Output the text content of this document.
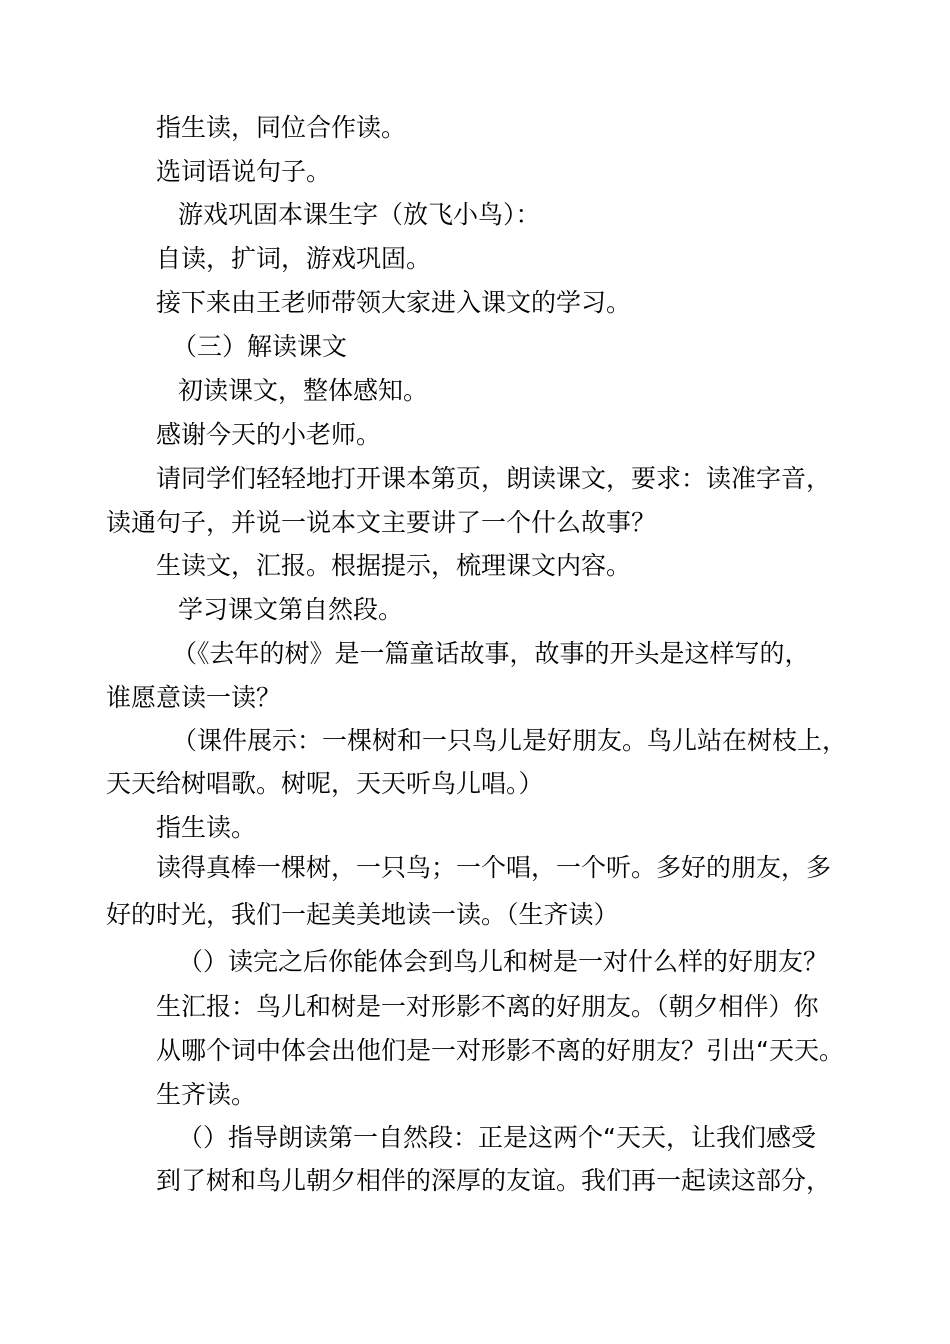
指生读，同位合作读。

选词语说句子。

游戏巩固本课生字（放飞小鸟）：

自读，扩词，游戏巩固。

接下来由王老师带领大家进入课文的学习。

（三）解读课文

初读课文，整体感知。

感谢今天的小老师。

请同学们轻轻地打开课本第页，朗读课文，要求：读准字音，

读通句子，并说一说本文主要讲了一个什么故事？

生读文，汇报。根据提示，梳理课文内容。

学习课文第自然段。

（《去年的树》是一篇童话故事，故事的开头是这样写的，

谁愿意读一读？

（课件展示：一棵树和一只鸟儿是好朋友。鸟儿站在树枝上，

天天给树唱歌。树呢，天天听鸟儿唱。）

指生读。

读得真棒一棵树，一只鸟；一个唱，一个听。多好的朋友，多

好的时光，我们一起美美地读一读。（生齐读）

（）读完之后你能体会到鸟儿和树是一对什么样的好朋友？

生汇报：鸟儿和树是一对形影不离的好朋友。（朝夕相伴）你

从哪个词中体会出他们是一对形影不离的好朋友？引出“天天。

生齐读。

（）指导朗读第一自然段：正是这两个“天天，让我们感受

到了树和鸟儿朝夕相伴的深厚的友谊。我们再一起读这部分，
